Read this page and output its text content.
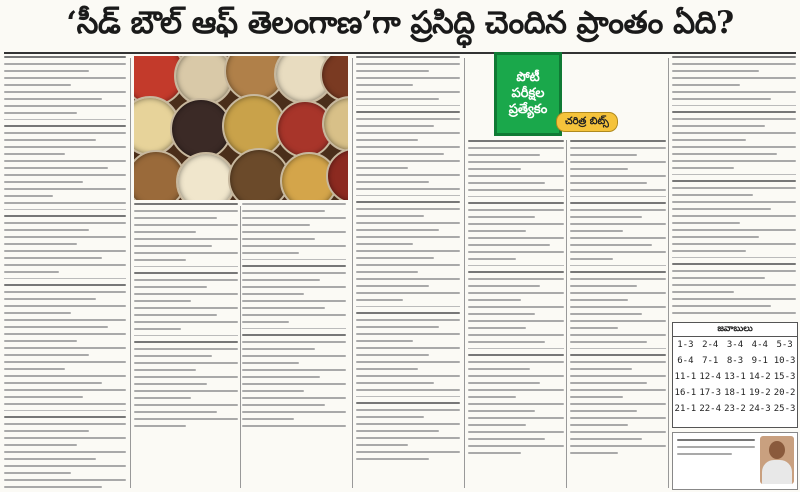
‘సీడ్ బౌల్ ఆఫ్ తెలంగాణ’గా ప్రసిద్ధి చెందిన ప్రాంతం ఏది?
పోటీ
పరీక్షల
ప్రత్యేకం
చరిత్ర బిట్స్
జవాబులు
1-3	2-4	3-4	4-4	5-3
6-4	7-1	8-3	9-1	10-3
11-1	12-4	13-1	14-2	15-3
16-1	17-3	18-1	19-2	20-2
21-1	22-4	23-2	24-3	25-3
